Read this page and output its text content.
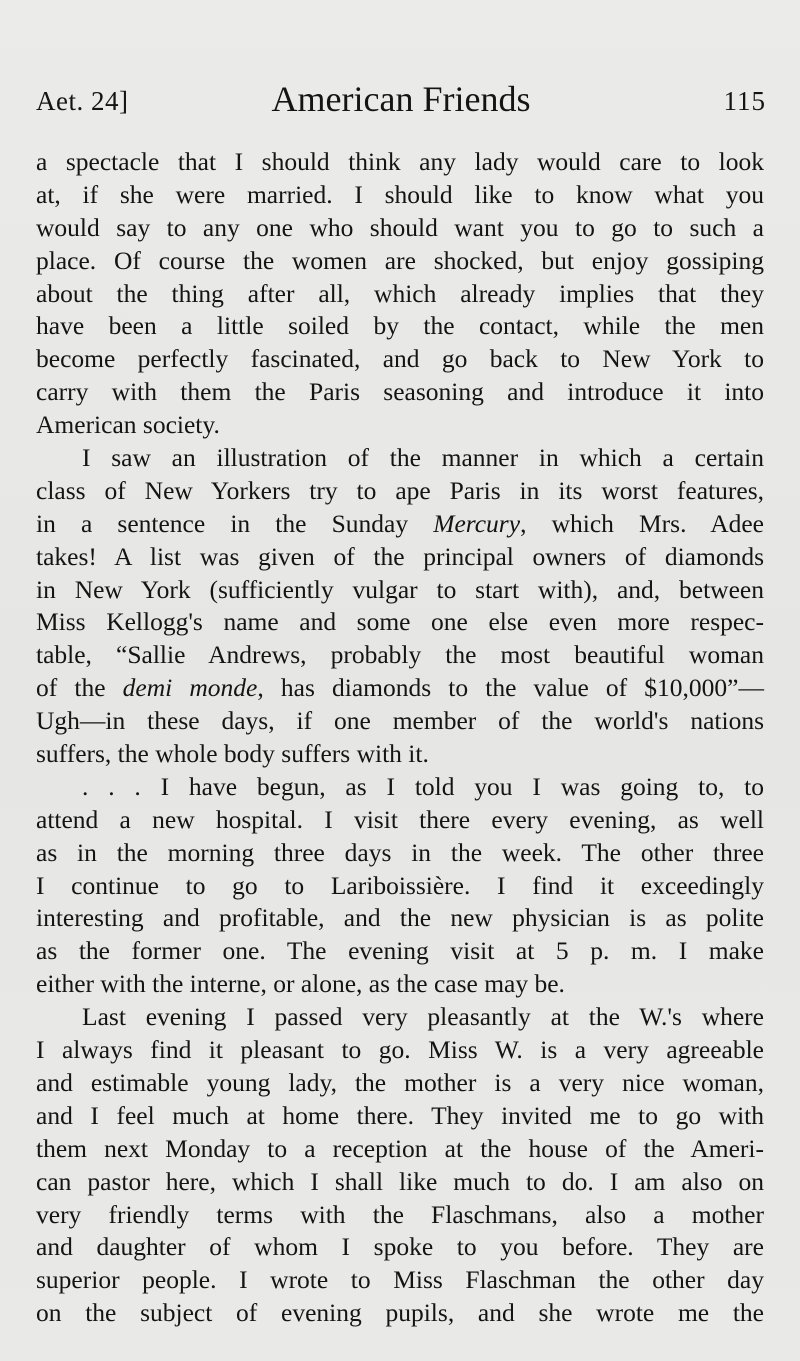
Aet. 24]	American Friends	115
a spectacle that I should think any lady would care to look
at, if she were married. I should like to know what you
would say to any one who should want you to go to such a
place. Of course the women are shocked, but enjoy gossiping
about the thing after all, which already implies that they
have been a little soiled by the contact, while the men
become perfectly fascinated, and go back to New York to
carry with them the Paris seasoning and introduce it into
American society.
I saw an illustration of the manner in which a certain
class of New Yorkers try to ape Paris in its worst features,
in a sentence in the Sunday Mercury, which Mrs. Adee
takes! A list was given of the principal owners of diamonds
in New York (sufficiently vulgar to start with), and, between
Miss Kellogg's name and some one else even more respec-
table, “Sallie Andrews, probably the most beautiful woman
of the demi monde, has diamonds to the value of $10,000”—
Ugh—in these days, if one member of the world's nations
suffers, the whole body suffers with it.
. . . I have begun, as I told you I was going to, to
attend a new hospital. I visit there every evening, as well
as in the morning three days in the week. The other three
I continue to go to Lariboissière. I find it exceedingly
interesting and profitable, and the new physician is as polite
as the former one. The evening visit at 5 p. m. I make
either with the interne, or alone, as the case may be.
Last evening I passed very pleasantly at the W.'s where
I always find it pleasant to go. Miss W. is a very agreeable
and estimable young lady, the mother is a very nice woman,
and I feel much at home there. They invited me to go with
them next Monday to a reception at the house of the Ameri-
can pastor here, which I shall like much to do. I am also on
very friendly terms with the Flaschmans, also a mother
and daughter of whom I spoke to you before. They are
superior people. I wrote to Miss Flaschman the other day
on the subject of evening pupils, and she wrote me the
